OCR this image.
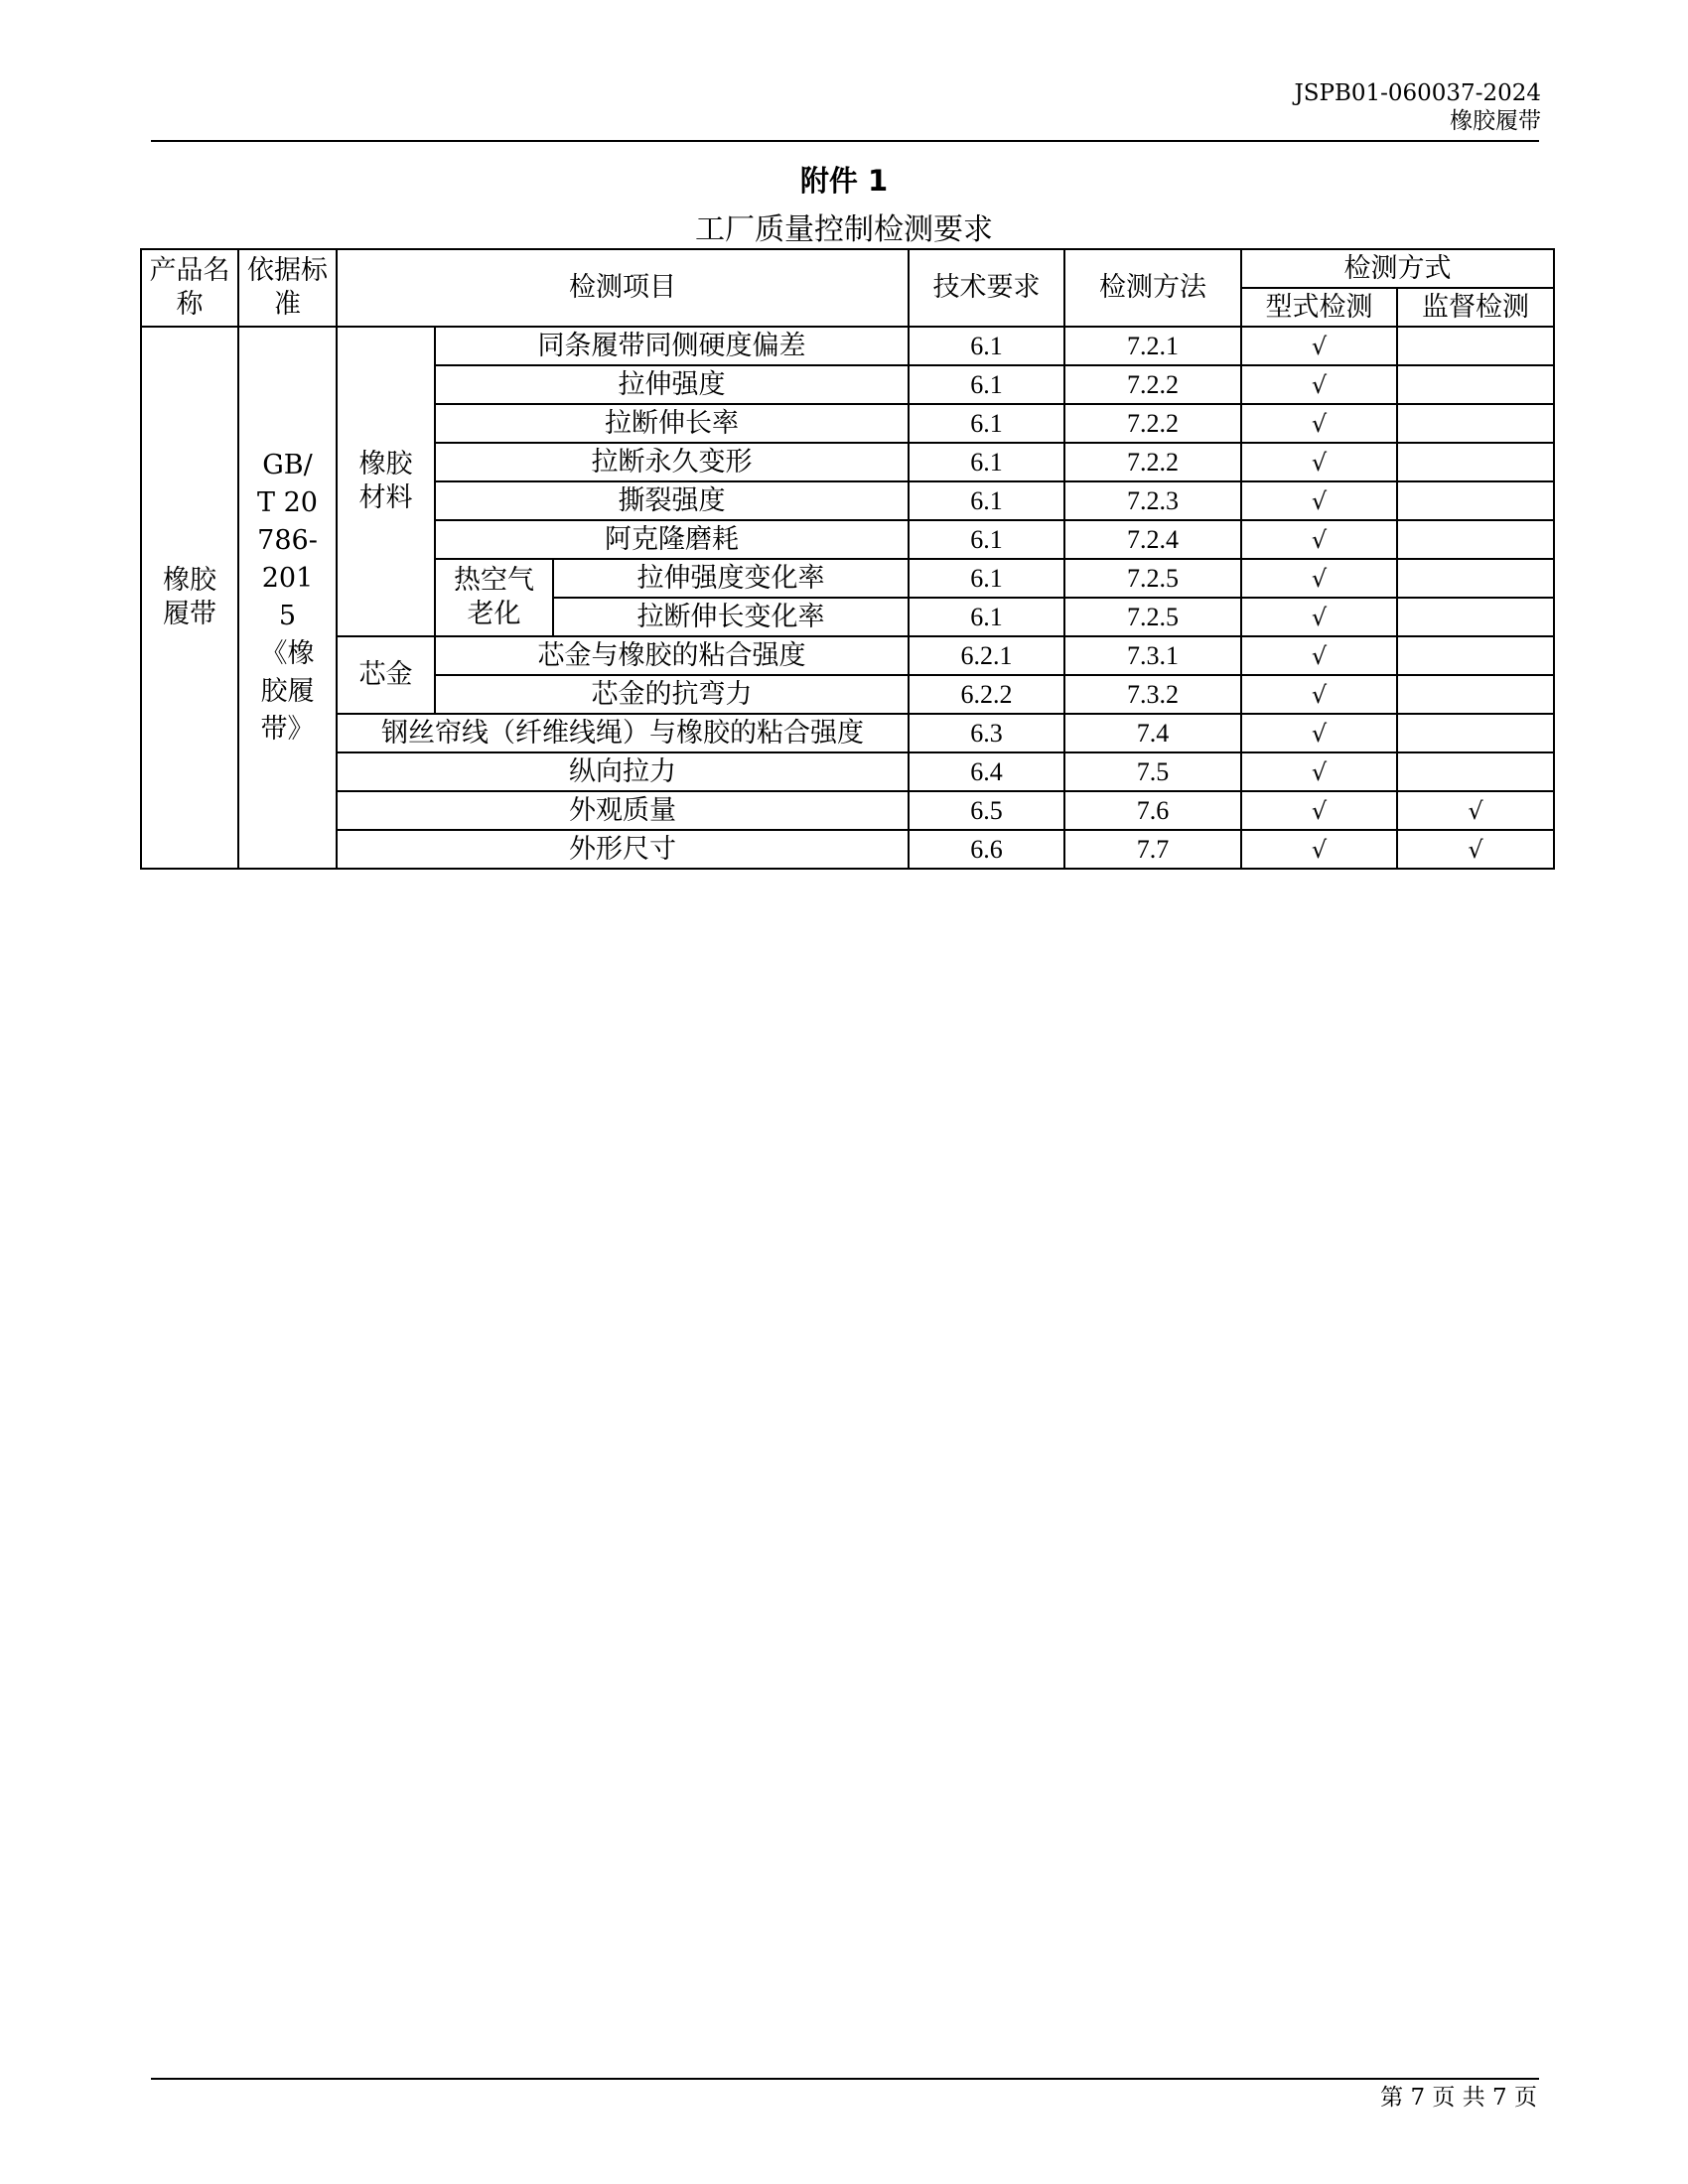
JSPB01-060037-2024
橡胶履带
附件 1
工厂质量控制检测要求
产品名称	依据标准	检测项目			技术要求	检测方法	检测方式	
							型式检测	监督检测

橡胶履带	GB/T 20786-2015《橡胶履带》	橡胶材料	同条履带同侧硬度偏差		6.1	7.2.1	√	
			拉伸强度		6.1	7.2.2	√	
			拉断伸长率		6.1	7.2.2	√	
			拉断永久变形		6.1	7.2.2	√	
			撕裂强度		6.1	7.2.3	√	
			阿克隆磨耗		6.1	7.2.4	√	

			热空气老化	拉伸强度变化率	6.1	7.2.5	√	
				拉断伸长变化率	6.1	7.2.5	√	
		芯金	芯金与橡胶的粘合强度		6.2.1	7.3.1	√	
			芯金的抗弯力		6.2.2	7.3.2	√	
		钢丝帘线（纤维线绳）与橡胶的粘合强度			6.3	7.4	√	
		纵向拉力			6.4	7.5	√	
		外观质量			6.5	7.6	√	√
		外形尺寸			6.6	7.7	√	√
第 7 页 共 7 页
